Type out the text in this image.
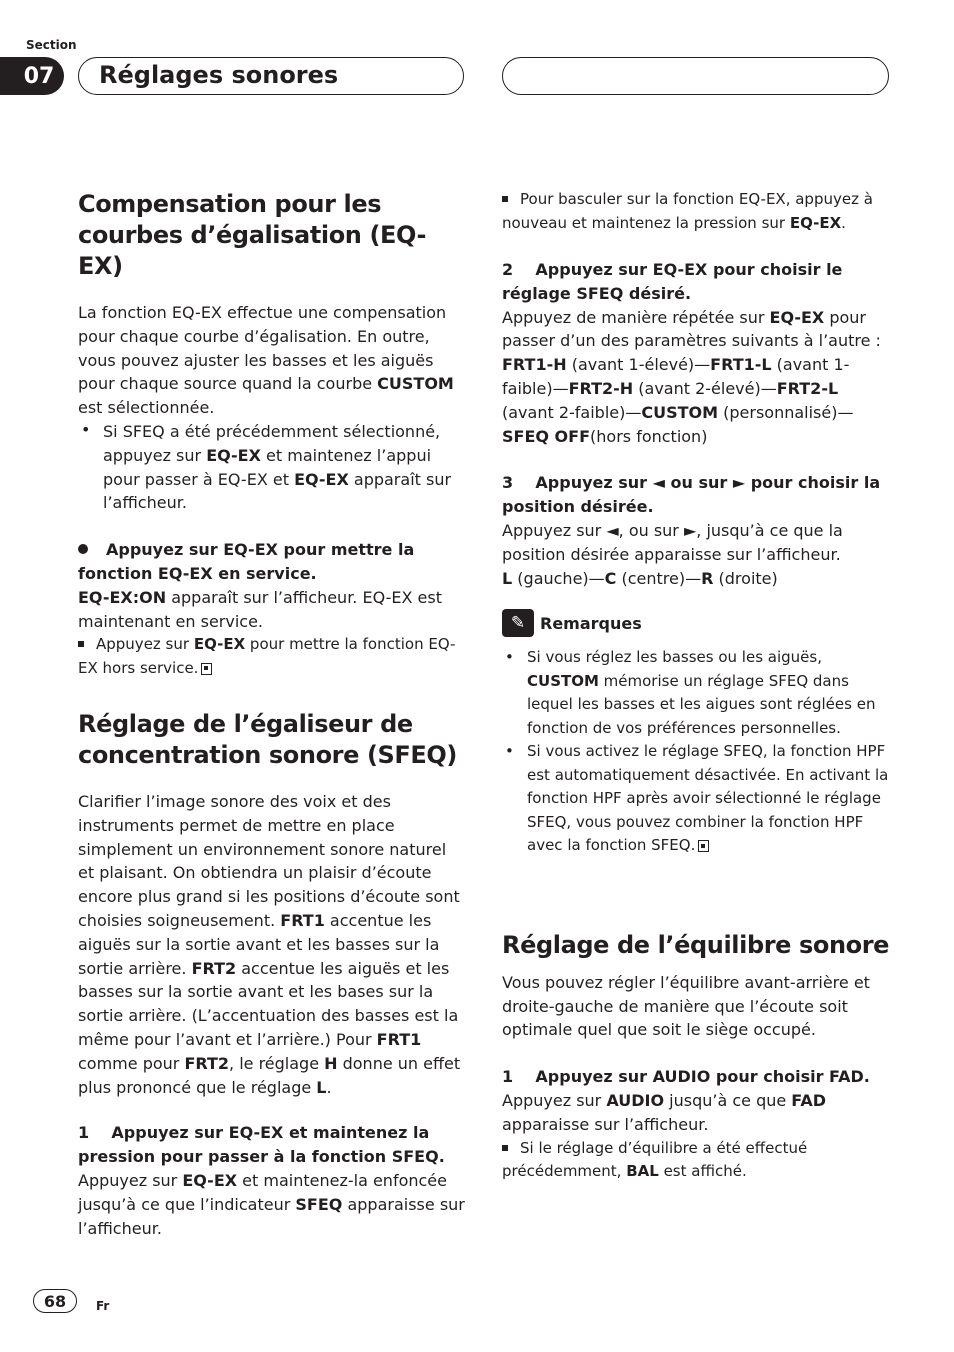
Section
07	Réglages sonores
Compensation pour les courbes d’égalisation (EQ-EX)

La fonction EQ-EX effectue une compensation pour chaque courbe d’égalisation. En outre, vous pouvez ajuster les basses et les aiguës pour chaque source quand la courbe CUSTOM est sélectionnée.

• Si SFEQ a été précédemment sélectionné, appuyez sur EQ-EX et maintenez l’appui pour passer à EQ-EX et EQ-EX apparaît sur l’afficheur.

Appuyez sur EQ-EX pour mettre la fonction EQ-EX en service.

EQ-EX:ON apparaît sur l’afficheur. EQ-EX est maintenant en service.

Appuyez sur EQ-EX pour mettre la fonction EQ-EX hors service.

Réglage de l’égaliseur de concentration sonore (SFEQ)

Clarifier l’image sonore des voix et des instruments permet de mettre en place simplement un environnement sonore naturel et plaisant. On obtiendra un plaisir d’écoute encore plus grand si les positions d’écoute sont choisies soigneusement. FRT1 accentue les aiguës sur la sortie avant et les basses sur la sortie arrière. FRT2 accentue les aiguës et les basses sur la sortie avant et les bases sur la sortie arrière. (L’accentuation des basses est la même pour l’avant et l’arrière.) Pour FRT1 comme pour FRT2, le réglage H donne un effet plus prononcé que le réglage L.

1 Appuyez sur EQ-EX et maintenez la pression pour passer à la fonction SFEQ.

Appuyez sur EQ-EX et maintenez-la enfoncée jusqu’à ce que l’indicateur SFEQ apparaisse sur l’afficheur.

Pour basculer sur la fonction EQ-EX, appuyez à nouveau et maintenez la pression sur EQ-EX.

2 Appuyez sur EQ-EX pour choisir le réglage SFEQ désiré.

Appuyez de manière répétée sur EQ-EX pour passer d’un des paramètres suivants à l’autre : FRT1-H (avant 1-élevé)—FRT1-L (avant 1-faible)—FRT2-H (avant 2-élevé)—FRT2-L (avant 2-faible)—CUSTOM (personnalisé)—SFEQ OFF(hors fonction)

3 Appuyez sur ◄ ou sur ► pour choisir la position désirée.

Appuyez sur ◄, ou sur ►, jusqu’à ce que la position désirée apparaisse sur l’afficheur.

L (gauche)—C (centre)—R (droite)

✎ Remarques
• Si vous réglez les basses ou les aiguës, CUSTOM mémorise un réglage SFEQ dans lequel les basses et les aigues sont réglées en fonction de vos préférences personnelles.

• Si vous activez le réglage SFEQ, la fonction HPF est automatiquement désactivée. En activant la fonction HPF après avoir sélectionné le réglage SFEQ, vous pouvez combiner la fonction HPF avec la fonction SFEQ.

Réglage de l’équilibre sonore

Vous pouvez régler l’équilibre avant-arrière et droite-gauche de manière que l’écoute soit optimale quel que soit le siège occupé.

1 Appuyez sur AUDIO pour choisir FAD.

Appuyez sur AUDIO jusqu’à ce que FAD apparaisse sur l’afficheur.

Si le réglage d’équilibre a été effectué précédemment, BAL est affiché.

68	Fr
